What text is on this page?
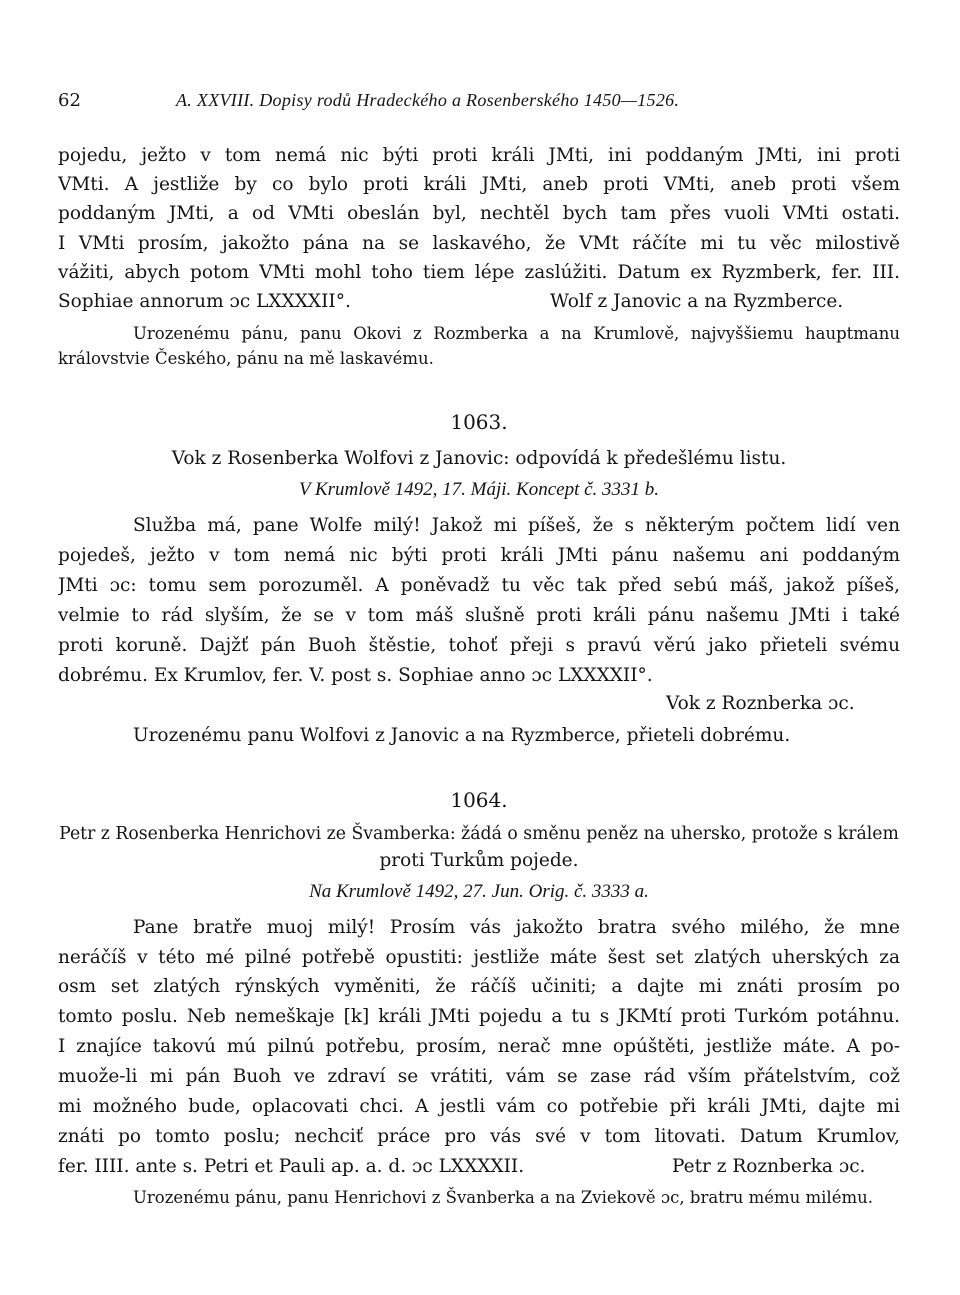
62	A. XXVIII. Dopisy rodů Hradeckého a Rosenberského 1450—1526.
pojedu, ježto v tom nemá nic býti proti králi JMti, ini poddaným JMti, ini proti
VMti. A jestliže by co bylo proti králi JMti, aneb proti VMti, aneb proti všem
poddaným JMti, a od VMti obeslán byl, nechtěl bych tam přes vuoli VMti ostati.
I VMti prosím, jakožto pána na se laskavého, že VMt ráčíte mi tu věc milostivě
vážiti, abych potom VMti mohl toho tiem lépe zaslúžiti. Datum ex Ryzmberk, fer. III.
Sophiae annorum ɔc LXXXXII°.	Wolf z Janovic a na Ryzmberce.
Urozenému pánu, panu Okovi z Rozmberka a na Krumlově, najvyššiemu hauptmanu
královstvie Českého, pánu na mě laskavému.
1063.
Vok z Rosenberka Wolfovi z Janovic: odpovídá k předešlému listu.
V Krumlově 1492, 17. Máji. Koncept č. 3331 b.
Služba má, pane Wolfe milý! Jakož mi píšeš, že s některým počtem lidí ven
pojedeš, ježto v tom nemá nic býti proti králi JMti pánu našemu ani poddaným
JMti ɔc: tomu sem porozuměl. A poněvadž tu věc tak před sebú máš, jakož píšeš,
velmie to rád slyším, že se v tom máš slušně proti králi pánu našemu JMti i také
proti koruně. Dajžť pán Buoh štěstie, tohoť přeji s pravú věrú jako přieteli svému
dobrému. Ex Krumlov, fer. V. post s. Sophiae anno ɔc LXXXXII°.
Vok z Roznberka ɔc.
Urozenému panu Wolfovi z Janovic a na Ryzmberce, přieteli dobrému.
1064.
Petr z Rosenberka Henrichovi ze Švamberka: žádá o směnu peněz na uhersko, protože s králem
proti Turkům pojede.
Na Krumlově 1492, 27. Jun. Orig. č. 3333 a.
Pane bratře muoj milý! Prosím vás jakožto bratra svého milého, že mne
neráčíš v této mé pilné potřebě opustiti: jestliže máte šest set zlatých uherských za
osm set zlatých rýnských vyměniti, že ráčíš učiniti; a dajte mi znáti prosím po
tomto poslu. Neb nemeškaje [k] králi JMti pojedu a tu s JKMtí proti Turkóm potáhnu.
I znajíce takovú mú pilnú potřebu, prosím, nerač mne opúštěti, jestliže máte. A po-
muože-li mi pán Buoh ve zdraví se vrátiti, vám se zase rád vším přátelstvím, což
mi možného bude, oplacovati chci. A jestli vám co potřebie při králi JMti, dajte mi
znáti po tomto poslu; nechciť práce pro vás své v tom litovati. Datum Krumlov,
fer. IIII. ante s. Petri et Pauli ap. a. d. ɔc LXXXXII.	Petr z Roznberka ɔc.
Urozenému pánu, panu Henrichovi z Švanberka a na Zviekově ɔc, bratru mému milému.
